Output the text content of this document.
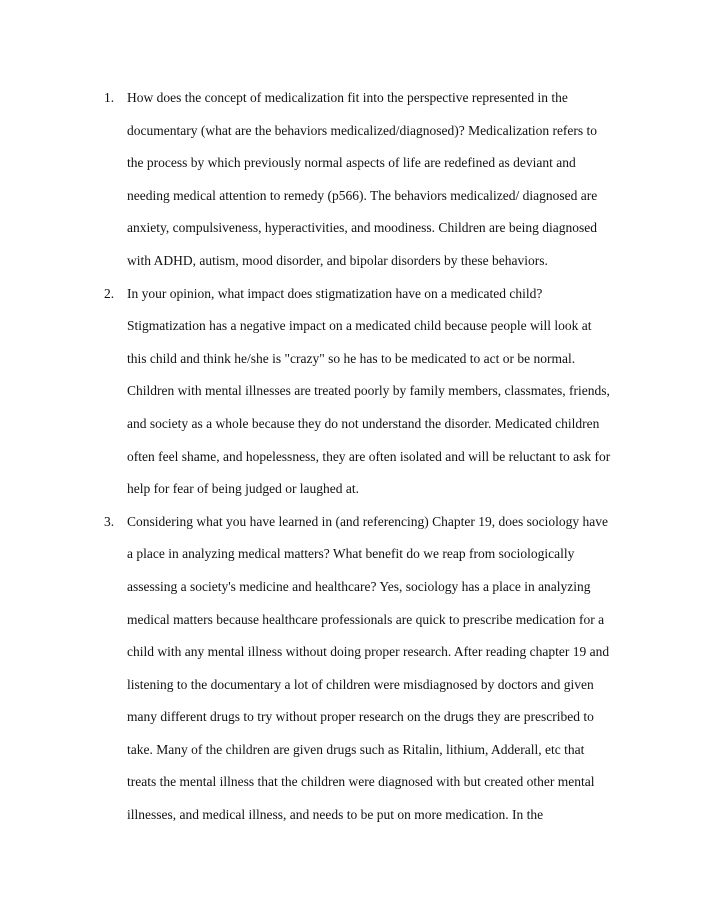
1. How does the concept of medicalization fit into the perspective represented in the
documentary (what are the behaviors medicalized/diagnosed)? Medicalization refers to
the process by which previously normal aspects of life are redefined as deviant and
needing medical attention to remedy (p566). The behaviors medicalized/ diagnosed are
anxiety, compulsiveness, hyperactivities, and moodiness. Children are being diagnosed
with ADHD, autism, mood disorder, and bipolar disorders by these behaviors.
2. In your opinion, what impact does stigmatization have on a medicated child?
Stigmatization has a negative impact on a medicated child because people will look at
this child and think he/she is "crazy" so he has to be medicated to act or be normal.
Children with mental illnesses are treated poorly by family members, classmates, friends,
and society as a whole because they do not understand the disorder. Medicated children
often feel shame, and hopelessness, they are often isolated and will be reluctant to ask for
help for fear of being judged or laughed at.
3. Considering what you have learned in (and referencing) Chapter 19, does sociology have
a place in analyzing medical matters? What benefit do we reap from sociologically
assessing a society's medicine and healthcare? Yes, sociology has a place in analyzing
medical matters because healthcare professionals are quick to prescribe medication for a
child with any mental illness without doing proper research. After reading chapter 19 and
listening to the documentary a lot of children were misdiagnosed by doctors and given
many different drugs to try without proper research on the drugs they are prescribed to
take. Many of the children are given drugs such as Ritalin, lithium, Adderall, etc that
treats the mental illness that the children were diagnosed with but created other mental
illnesses, and medical illness, and needs to be put on more medication. In the
